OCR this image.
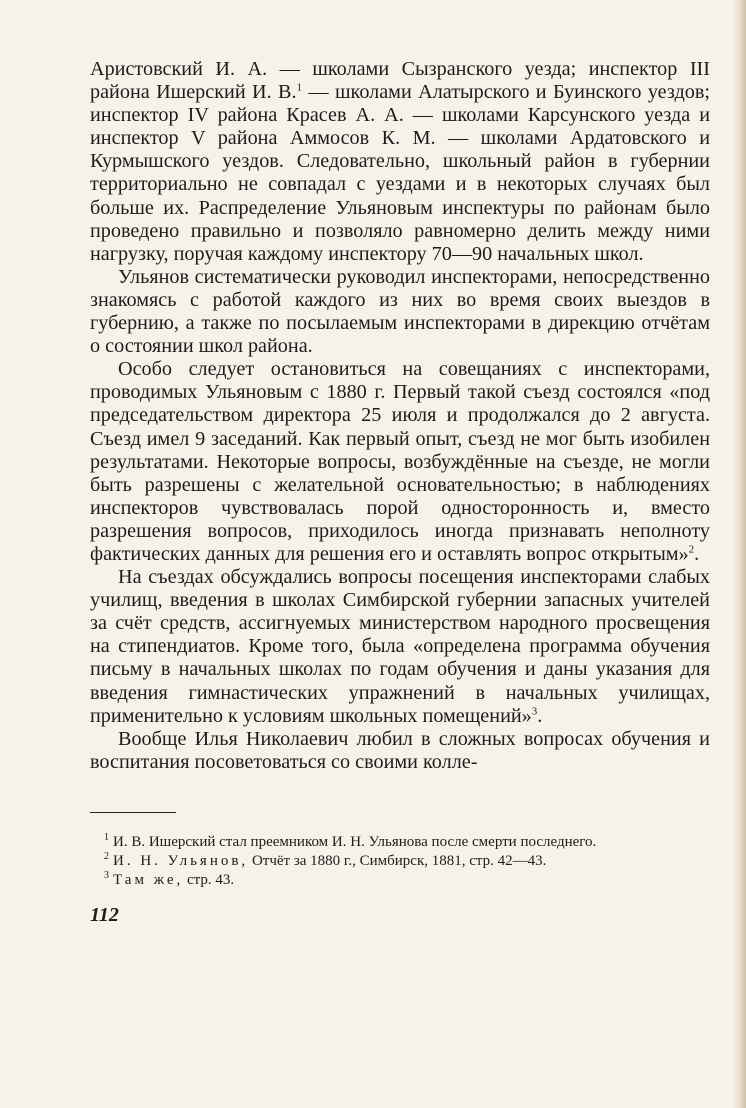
Аристовский И. А. — школами Сызранского уезда; инспектор III района Ишерский И. В.$^1$ — школами Алатырского и Буинского уездов; инспектор IV района Красев А. А. — школами Карсунского уезда и инспектор V района Аммосов К. М. — школами Ардатовского и Курмышского уездов. Следовательно, школьный район в губернии территориально не совпадал с уездами и в некоторых случаях был больше их. Распределение Ульяновым инспектуры по районам было проведено правильно и позволяло равномерно делить между ними нагрузку, поручая каждому инспектору 70—90 начальных школ.

Ульянов систематически руководил инспекторами, непосредственно знакомясь с работой каждого из них во время своих выездов в губернию, а также по посылаемым инспекторами в дирекцию отчётам о состоянии школ района.

Особо следует остановиться на совещаниях с инспекторами, проводимых Ульяновым с 1880 г. Первый такой съезд состоялся «под председательством директора 25 июля и продолжался до 2 августа. Съезд имел 9 заседаний. Как первый опыт, съезд не мог быть изобилен результатами. Некоторые вопросы, возбуждённые на съезде, не могли быть разрешены с желательной основательностью; в наблюдениях инспекторов чувствовалась порой односторонность и, вместо разрешения вопросов, приходилось иногда признавать неполноту фактических данных для решения его и оставлять вопрос открытым»$^2$.

На съездах обсуждались вопросы посещения инспекторами слабых училищ, введения в школах Симбирской губернии запасных учителей за счёт средств, ассигнуемых министерством народного просвещения на стипендиатов. Кроме того, была «определена программа обучения письму в начальных школах по годам обучения и даны указания для введения гимнастических упражнений в начальных училищах, применительно к условиям школьных помещений»$^3$.

Вообще Илья Николаевич любил в сложных вопросах обучения и воспитания посоветоваться со своими колле-

$^1$ И. В. Ишерский стал преемником И. Н. Ульянова после смерти последнего.

$^2$ И. Н. Ульянов, Отчёт за 1880 г., Симбирск, 1881, стр. 42—43.

$^3$ Там же, стр. 43.

112
